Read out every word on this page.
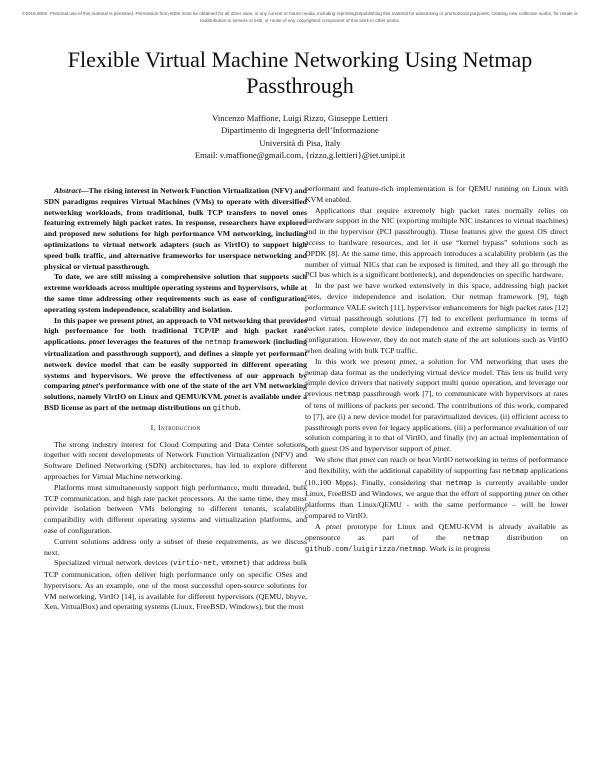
©2016 IEEE. Personal use of this material is permitted. Permission from IEEE must be obtained for all other uses, in any current or future media, including reprinting/republishing this material for advertising or promotional purposes, creating new collective works, for resale or redistribution to servers or lists, or reuse of any copyrighted component of this work in other works.
Flexible Virtual Machine Networking Using Netmap Passthrough
Vincenzo Maffione, Luigi Rizzo, Giuseppe Lettieri
Dipartimento di Ingegneria dell’Informazione
Università di Pisa, Italy
Email: v.maffione@gmail.com, {rizzo,g.lettieri}@iet.unipi.it

Abstract—The rising interest in Network Function Virtualization (NFV) and SDN paradigms requires Virtual Machines (VMs) to operate with diversified networking workloads, from traditional, bulk TCP transfers to novel ones featuring extremely high packet rates. In response, researchers have explored and proposed new solutions for high performance VM networking, including optimizations to virtual network adapters (such as VirtIO) to support high speed bulk traffic, and alternative frameworks for userspace networking and physical or virtual passthrough.

To date, we are still missing a comprehensive solution that supports such extreme workloads across multiple operating systems and hypervisors, while at the same time addressing other requirements such as ease of configuration, operating system independence, scalability and isolation.

In this paper we present ptnet, an approach to VM networking that provides high performance for both traditional TCP/IP and high packet rate applications. ptnet leverages the features of the netmap framework (including virtualization and passthrough support), and defines a simple yet performant network device model that can be easily supported in different operating systems and hypervisors. We prove the effectiveness of our approach by comparing ptnet’s performance with one of the state of the art VM networking solutions, namely VirtIO on Linux and QEMU/KVM. ptnet is available under a BSD license as part of the netmap distributions on github.

I. Introduction

The strong industry interest for Cloud Computing and Data Center solutions, together with recent developments of Network Function Virtualization (NFV) and Software Defined Networking (SDN) architectures, has led to explore different approaches for Virtual Machine networking.

Platforms must simultaneously support high performance, multi threaded, bulk TCP communication, and high rate packet processors. At the same time, they must provide isolation between VMs belonging to different tenants, scalability, compatibility with different operating systems and virtualization platforms, and ease of configuration.

Current solutions address only a subset of these requirements, as we discuss next.

Specialized virtual network devices (virtio-net, vmxnet) that address bulk TCP communication, often deliver high performance only on specific OSes and hypervisors. As an example, one of the most successful open-source solutions for VM networking, VirtIO [14], is available for different hypervisors (QEMU, bhyve, Xen, VirtualBox) and operating systems (Linux, FreeBSD, Windows), but the most

performant and feature-rich implementation is for QEMU running on Linux with KVM enabled.

Applications that require extremely high packet rates normally relies on hardware support in the NIC (exporting multiple NIC instances to virtual machines) and in the hypervisor (PCI passthrough). These features give the guest OS direct access to hardware resources, and let it use “kernel bypass” solutions such as DPDK [8]. At the same time, this approach introduces a scalability problem (as the number of virtual NICs that can be exposed is limited, and they all go through the PCI bus which is a significant bottleneck), and dependencies on specific hardware.

In the past we have worked extensively in this space, addressing high packet rates, device independence and isolation. Our netmap framework [9], high performance VALE switch [11], hypervisor enhancements for high packet rates [12] and virtual passthrough solutions [7] led to excellent performance in terms of packet rates, complete device independence and extreme simplicity in terms of configuration. However, they do not match state of the art solutions such as VirtIO when dealing with bulk TCP traffic.

In this work we present ptnet, a solution for VM networking that uses the netmap data format as the underlying virtual device model. This lets us build very simple device drivers that natively support multi queue operation, and leverage our previous netmap passthrough work [7], to communicate with hypervisors at rates of tens of millions of packets per second. The contributions of this work, compared to [7], are (i) a new device model for paravirtualized devices, (ii) efficient access to passthrough ports even for legacy applications, (iii) a performance evaluation of our solution comparing it to that of VirtIO, and finally (iv) an actual implementation of both guest OS and hypervisor support of ptnet.

We show that ptnet can reach or beat VirtIO networking in terms of performance and flexibility, with the additional capability of supporting fast netmap applications (10..100 Mpps). Finally, considering that netmap is currently available under Linux, FreeBSD and Windows, we argue that the effort of supporting ptnet on other platforms than Linux/QEMU - with the same performance – will be lower compared to VirtIO.

A ptnet prototype for Linux and QEMU-KVM is already available as opensource as part of the netmap distribution on github.com/luigirizzo/netmap. Work is in progress
